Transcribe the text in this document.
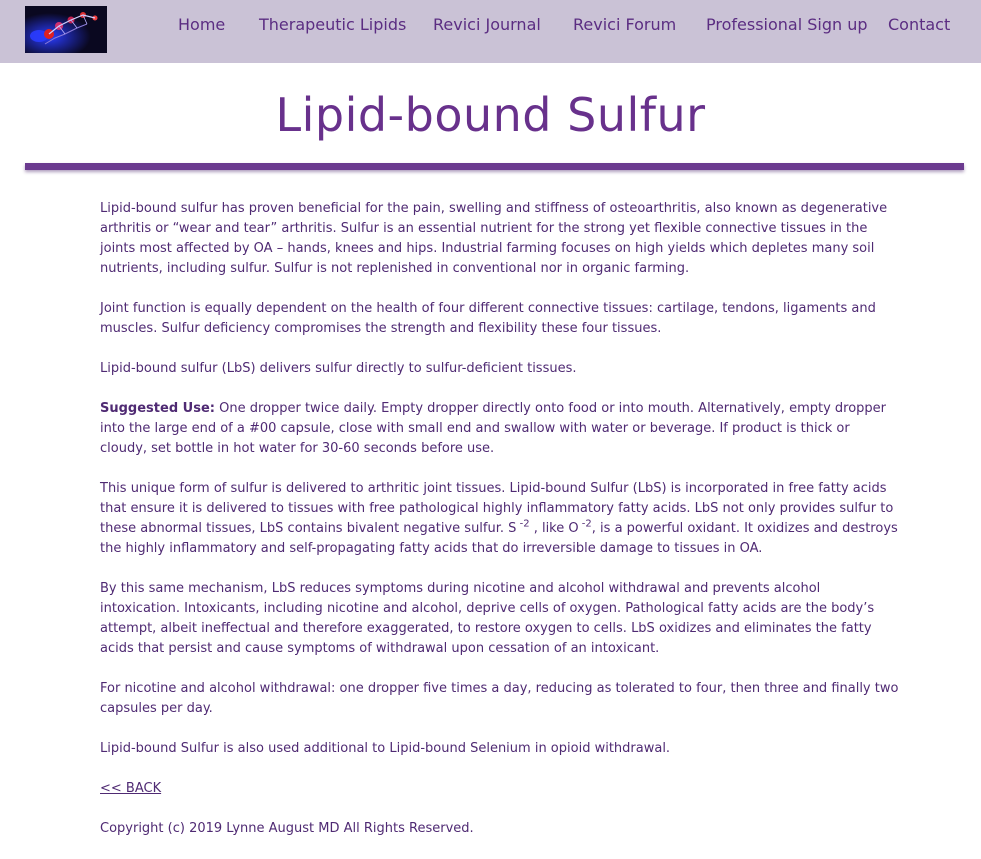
Home Therapeutic Lipids Revici Journal Revici Forum Professional Sign up Contact
Lipid-bound Sulfur

Lipid-bound sulfur has proven beneficial for the pain, swelling and stiffness of osteoarthritis, also known as degenerative arthritis or “wear and tear” arthritis. Sulfur is an essential nutrient for the strong yet flexible connective tissues in the joints most affected by OA – hands, knees and hips. Industrial farming focuses on high yields which depletes many soil nutrients, including sulfur. Sulfur is not replenished in conventional nor in organic farming.

Joint function is equally dependent on the health of four different connective tissues: cartilage, tendons, ligaments and muscles. Sulfur deficiency compromises the strength and flexibility these four tissues.

Lipid-bound sulfur (LbS) delivers sulfur directly to sulfur-deficient tissues.

Suggested Use: One dropper twice daily. Empty dropper directly onto food or into mouth. Alternatively, empty dropper into the large end of a #00 capsule, close with small end and swallow with water or beverage. If product is thick or cloudy, set bottle in hot water for 30-60 seconds before use.

This unique form of sulfur is delivered to arthritic joint tissues. Lipid-bound Sulfur (LbS) is incorporated in free fatty acids that ensure it is delivered to tissues with free pathological highly inflammatory fatty acids. LbS not only provides sulfur to these abnormal tissues, LbS contains bivalent negative sulfur. S $^{-2}$ , like O $^{-2}$, is a powerful oxidant. It oxidizes and destroys the highly inflammatory and self-propagating fatty acids that do irreversible damage to tissues in OA.

By this same mechanism, LbS reduces symptoms during nicotine and alcohol withdrawal and prevents alcohol intoxication. Intoxicants, including nicotine and alcohol, deprive cells of oxygen. Pathological fatty acids are the body’s attempt, albeit ineffectual and therefore exaggerated, to restore oxygen to cells. LbS oxidizes and eliminates the fatty acids that persist and cause symptoms of withdrawal upon cessation of an intoxicant.

For nicotine and alcohol withdrawal: one dropper five times a day, reducing as tolerated to four, then three and finally two capsules per day.

Lipid-bound Sulfur is also used additional to Lipid-bound Selenium in opioid withdrawal.

<< BACK

Copyright (c) 2019 Lynne August MD All Rights Reserved.
